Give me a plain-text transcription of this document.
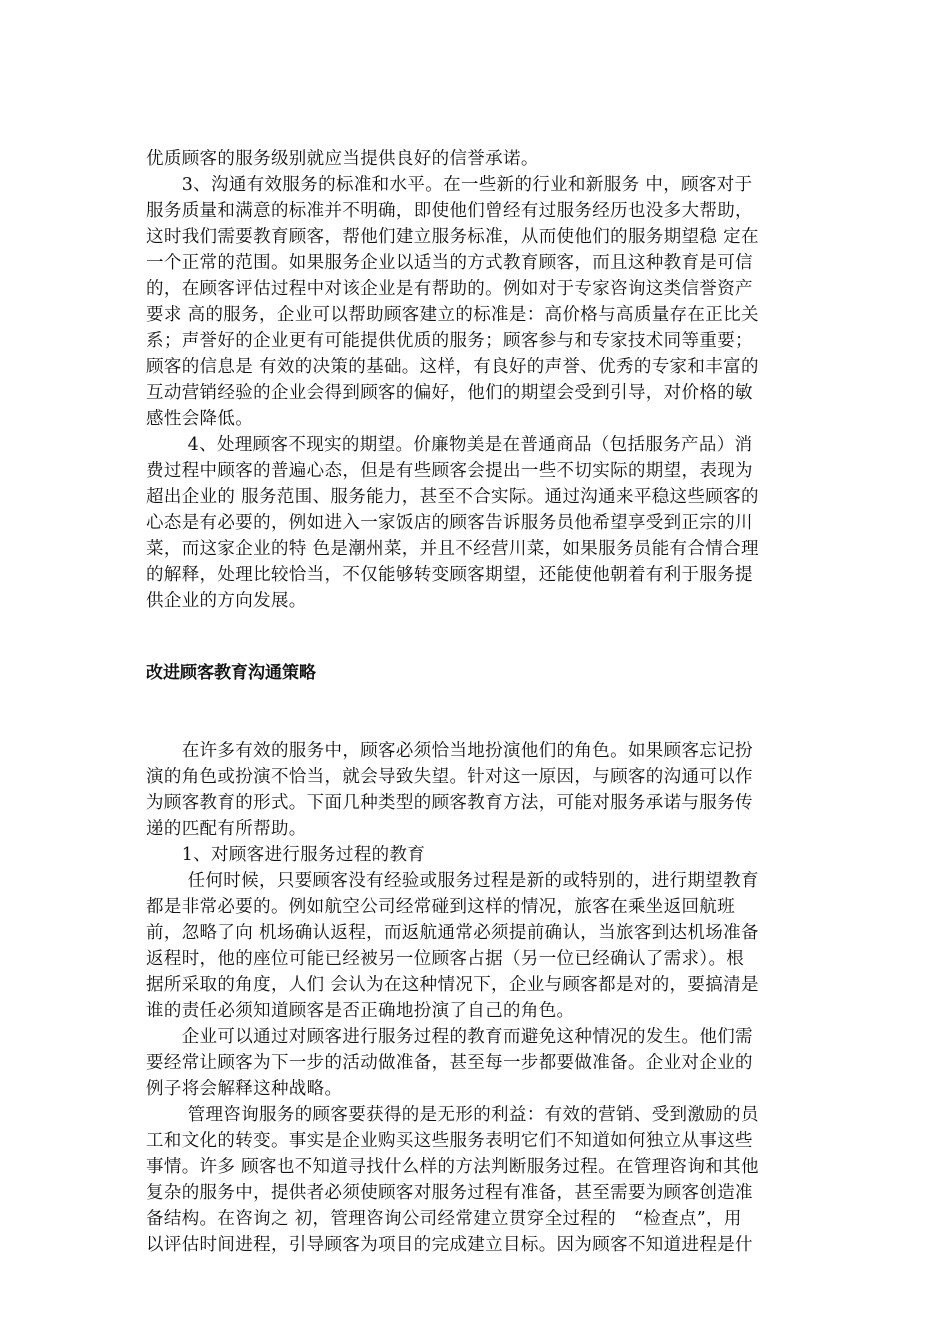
优质顾客的服务级别就应当提供良好的信誉承诺。
　　3、沟通有效服务的标准和水平。在一些新的行业和新服务 中，顾客对于
服务质量和满意的标准并不明确，即使他们曾经有过服务经历也没多大帮助，
这时我们需要教育顾客，帮他们建立服务标准，从而使他们的服务期望稳 定在
一个正常的范围。如果服务企业以适当的方式教育顾客，而且这种教育是可信
的，在顾客评估过程中对该企业是有帮助的。例如对于专家咨询这类信誉资产
要求 高的服务，企业可以帮助顾客建立的标准是：高价格与高质量存在正比关
系；声誉好的企业更有可能提供优质的服务；顾客参与和专家技术同等重要；
顾客的信息是 有效的决策的基础。这样，有良好的声誉、优秀的专家和丰富的
互动营销经验的企业会得到顾客的偏好，他们的期望会受到引导，对价格的敏
感性会降低。
　　 4、处理顾客不现实的期望。价廉物美是在普通商品（包括服务产品）消
费过程中顾客的普遍心态，但是有些顾客会提出一些不切实际的期望，表现为
超出企业的 服务范围、服务能力，甚至不合实际。通过沟通来平稳这些顾客的
心态是有必要的，例如进入一家饭店的顾客告诉服务员他希望享受到正宗的川
菜，而这家企业的特 色是潮州菜，并且不经营川菜，如果服务员能有合情合理
的解释，处理比较恰当，不仅能够转变顾客期望，还能使他朝着有利于服务提
供企业的方向发展。
改进顾客教育沟通策略
　　在许多有效的服务中，顾客必须恰当地扮演他们的角色。如果顾客忘记扮
演的角色或扮演不恰当，就会导致失望。针对这一原因，与顾客的沟通可以作
为顾客教育的形式。下面几种类型的顾客教育方法，可能对服务承诺与服务传
递的匹配有所帮助。
　　1、对顾客进行服务过程的教育
　　 任何时候，只要顾客没有经验或服务过程是新的或特别的，进行期望教育
都是非常必要的。例如航空公司经常碰到这样的情况，旅客在乘坐返回航班
前，忽略了向 机场确认返程，而返航通常必须提前确认，当旅客到达机场准备
返程时，他的座位可能已经被另一位顾客占据（另一位已经确认了需求）。根
据所采取的角度，人们 会认为在这种情况下，企业与顾客都是对的，要搞清是
谁的责任必须知道顾客是否正确地扮演了自己的角色。
　　企业可以通过对顾客进行服务过程的教育而避免这种情况的发生。他们需
要经常让顾客为下一步的活动做准备，甚至每一步都要做准备。企业对企业的
例子将会解释这种战略。
　　 管理咨询服务的顾客要获得的是无形的利益：有效的营销、受到激励的员
工和文化的转变。事实是企业购买这些服务表明它们不知道如何独立从事这些
事情。许多 顾客也不知道寻找什么样的方法判断服务过程。在管理咨询和其他
复杂的服务中，提供者必须使顾客对服务过程有准备，甚至需要为顾客创造准
备结构。在咨询之 初，管理咨询公司经常建立贯穿全过程的　“检查点”，用
以评估时间进程，引导顾客为项目的完成建立目标。因为顾客不知道进程是什
